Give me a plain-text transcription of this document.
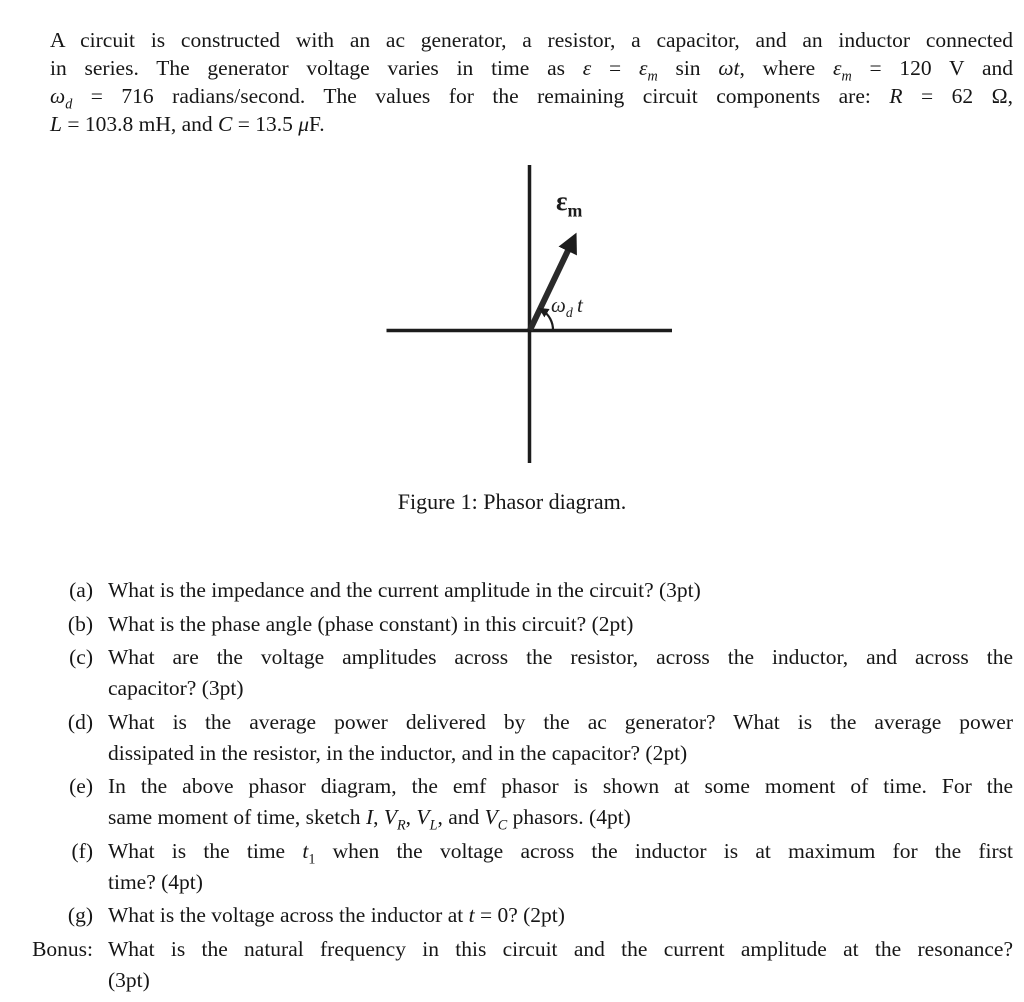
A circuit is constructed with an ac generator, a resistor, a capacitor, and an inductor connected
in series. The generator voltage varies in time as $\varepsilon = \varepsilon_m$ sin ωt, where $\varepsilon_m = 120$ V and
$\omega_d = 716$ radians/second. The values for the remaining circuit components are: R = 62 Ω,
L = 103.8 mH, and C = 13.5 μF.
$\varepsilon_m$
$\omega_d$ t
Figure 1: Phasor diagram.
(a) What is the impedance and the current amplitude in the circuit? (3pt)
(b) What is the phase angle (phase constant) in this circuit? (2pt)
(c) What are the voltage amplitudes across the resistor, across the inductor, and across the
capacitor? (3pt)
(d) What is the average power delivered by the ac generator? What is the average power
dissipated in the resistor, in the inductor, and in the capacitor? (2pt)
(e) In the above phasor diagram, the emf phasor is shown at some moment of time. For the
same moment of time, sketch I, $V_R$, $V_L$, and $V_C$ phasors. (4pt)
(f) What is the time $t_1$ when the voltage across the inductor is at maximum for the first
time? (4pt)
(g) What is the voltage across the inductor at t = 0? (2pt)
Bonus: What is the natural frequency in this circuit and the current amplitude at the resonance?
(3pt)
